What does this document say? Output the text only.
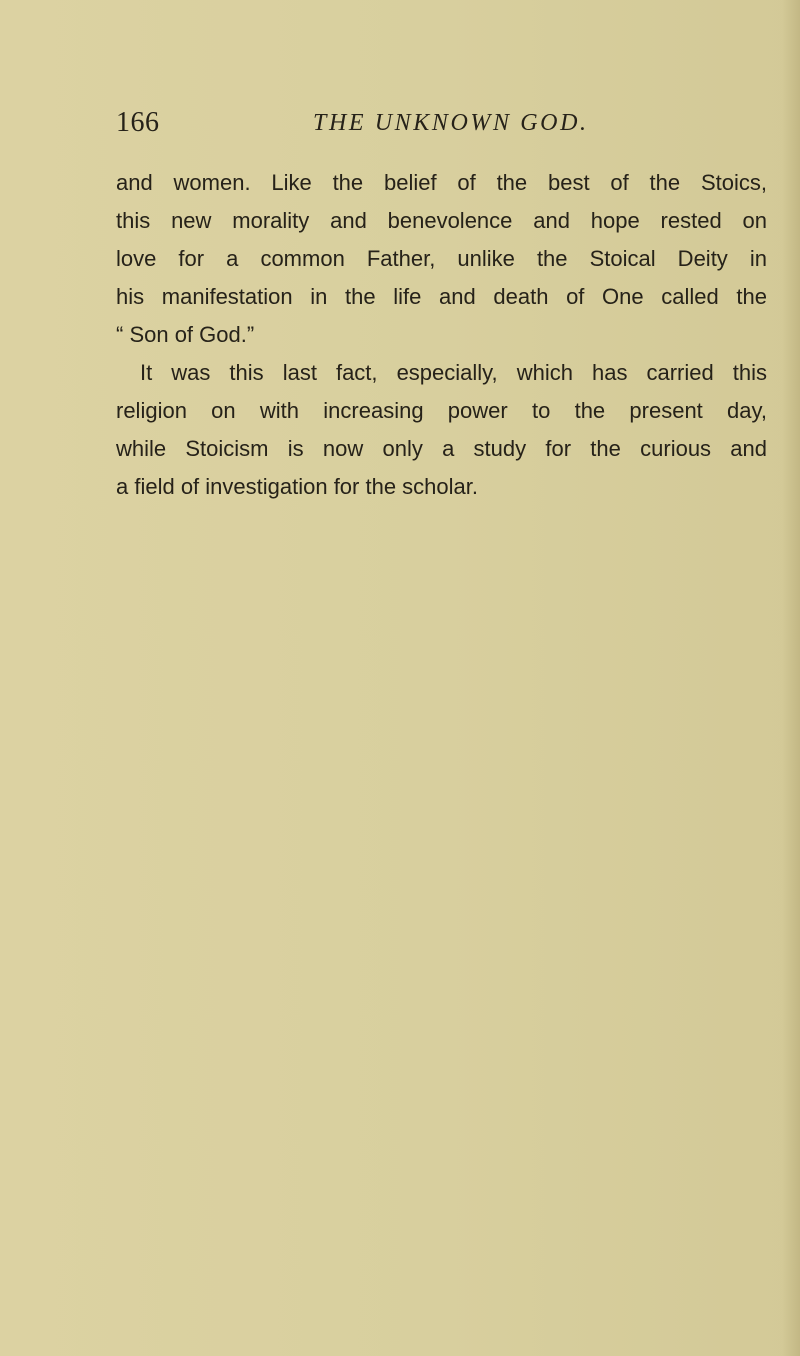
166	THE UNKNOWN GOD.
and women. Like the belief of the best of the Stoics,
this new morality and benevolence and hope rested on
love for a common Father, unlike the Stoical Deity in
his manifestation in the life and death of One called the
“ Son of God.”
It was this last fact, especially, which has carried this
religion on with increasing power to the present day,
while Stoicism is now only a study for the curious and
a field of investigation for the scholar.
